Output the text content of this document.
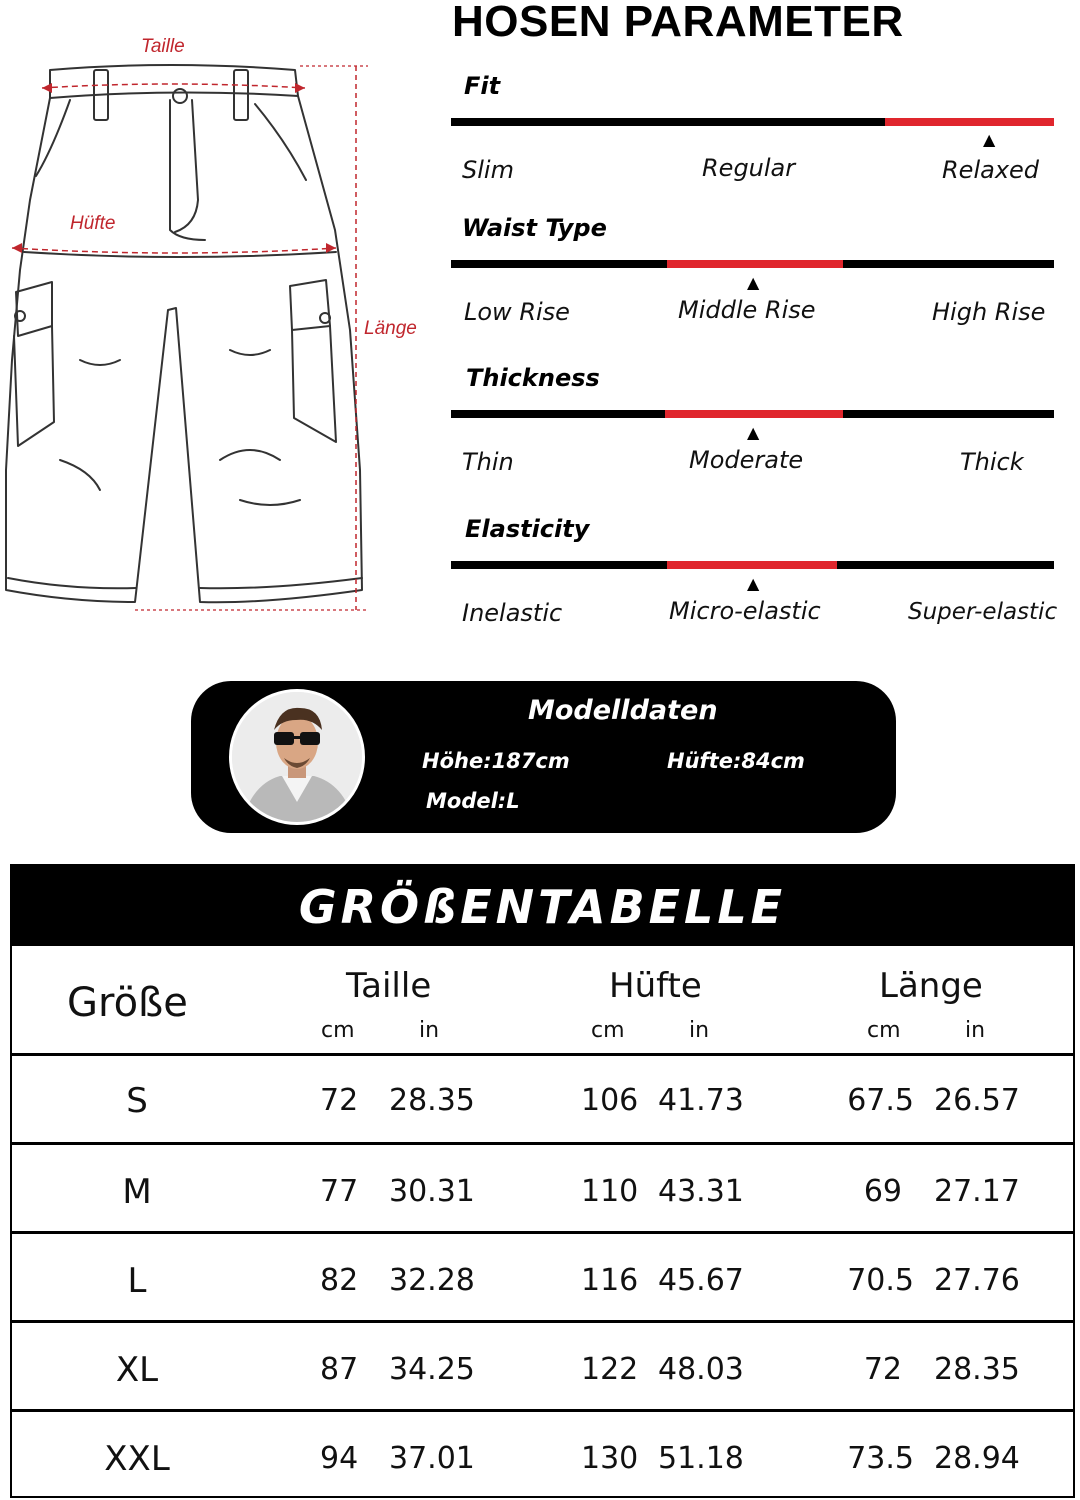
Taille
Hüfte
Länge
HOSEN PARAMETER
Fit
▲
Slim	Regular	Relaxed
Waist Type
▲
Low Rise	Middle Rise	High Rise
Thickness
▲
Thin	Moderate	Thick
Elasticity
▲
Inelastic	Micro-elastic	Super-elastic
Modelldaten
Höhe:187cm	Hüfte:84cm
Model:L
GRÖßENTABELLE
Größe	Taille	Hüfte	Länge
cm	in	cm	in	cm	in
S	72 28.35	106 41.73	67.5 26.57
M	77 30.31	110 43.31	69 27.17
L	82 32.28	116 45.67	70.5 27.76
XL	87 34.25	122 48.03	72 28.35
XXL	94 37.01	130 51.18	73.5 28.94
